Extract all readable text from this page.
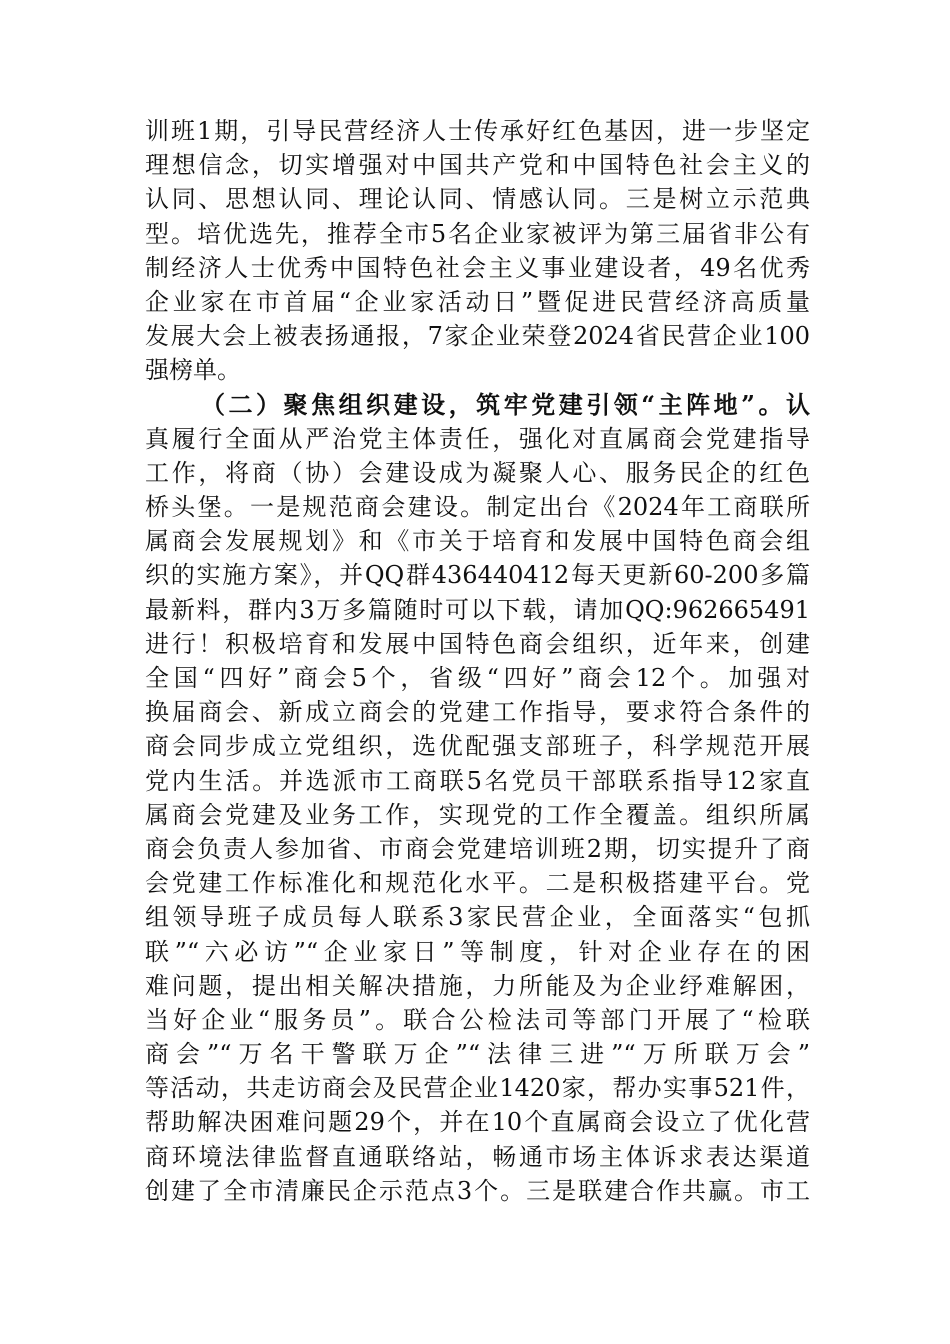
训班1期，引导民营经济人士传承好红色基因，进一步坚定
理想信念，切实增强对中国共产党和中国特色社会主义的
认同、思想认同、理论认同、情感认同。三是树立示范典
型。培优选先，推荐全市5名企业家被评为第三届省非公有
制经济人士优秀中国特色社会主义事业建设者，49名优秀
企业家在市首届“企业家活动日”暨促进民营经济高质量
发展大会上被表扬通报，7家企业荣登2024省民营企业100
强榜单。
（二）聚焦组织建设，筑牢党建引领“主阵地”。认
真履行全面从严治党主体责任，强化对直属商会党建指导
工作，将商（协）会建设成为凝聚人心、服务民企的红色
桥头堡。一是规范商会建设。制定出台《2024年工商联所
属商会发展规划》和《市关于培育和发展中国特色商会组
织的实施方案》，并QQ群436440412每天更新60-200多篇
最新料，群内3万多篇随时可以下载，请加QQ:962665491
进行！积极培育和发展中国特色商会组织，近年来，创建
全国“四好”商会5个，省级“四好”商会12个。加强对
换届商会、新成立商会的党建工作指导，要求符合条件的
商会同步成立党组织，选优配强支部班子，科学规范开展
党内生活。并选派市工商联5名党员干部联系指导12家直
属商会党建及业务工作，实现党的工作全覆盖。组织所属
商会负责人参加省、市商会党建培训班2期，切实提升了商
会党建工作标准化和规范化水平。二是积极搭建平台。党
组领导班子成员每人联系3家民营企业，全面落实“包抓
联”“六必访”“企业家日”等制度，针对企业存在的困
难问题，提出相关解决措施，力所能及为企业纾难解困，
当好企业“服务员”。联合公检法司等部门开展了“检联
商会”“万名干警联万企”“法律三进”“万所联万会”
等活动，共走访商会及民营企业1420家，帮办实事521件，
帮助解决困难问题29个，并在10个直属商会设立了优化营
商环境法律监督直通联络站，畅通市场主体诉求表达渠道
创建了全市清廉民企示范点3个。三是联建合作共赢。市工
